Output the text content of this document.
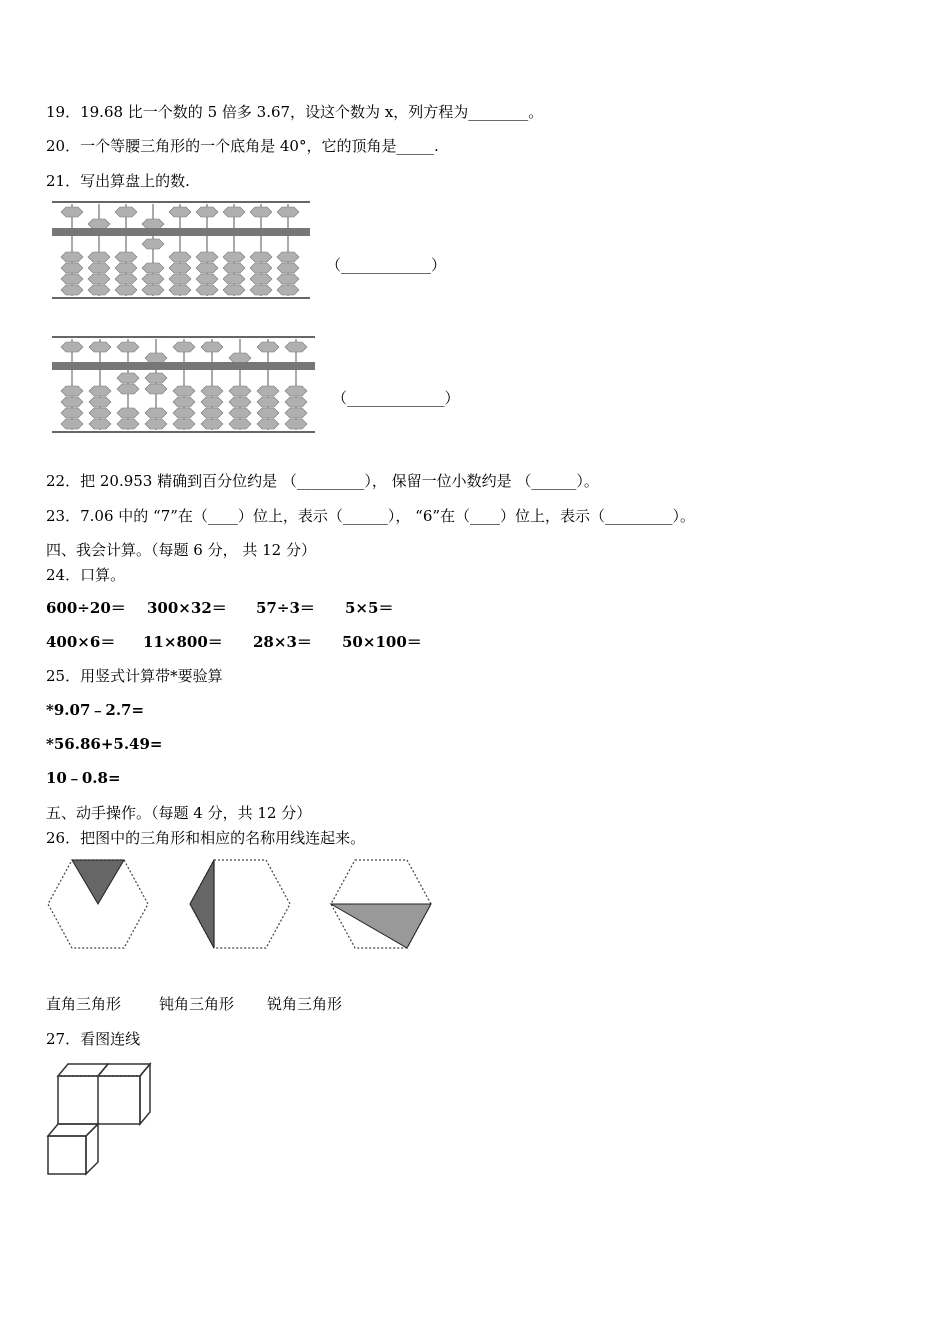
19．19.68 比一个数的 5 倍多 3.67，设这个数为 x，列方程为________。
20．一个等腰三角形的一个底角是 40°，它的顶角是_____.
21．写出算盘上的数.
（____________）
（_____________）
22．把 20.953 精确到百分位约是 （_________）， 保留一位小数约是 （______）。
23．7.06 中的 “7”在（____）位上，表示（______）， “6”在（____）位上，表示（_________）。
四、我会计算。（每题 6 分， 共 12 分）
24．口算。
600÷20＝ 300×32＝ 57÷3＝ 5×5＝
400×6＝ 11×800＝ 28×3＝ 50×100＝
25．用竖式计算带*要验算
*9.07﹣2.7=
*56.86+5.49=
10﹣0.8=
五、动手操作。（每题 4 分，共 12 分）
26．把图中的三角形和相应的名称用线连起来。
直角三角形	钝角三角形 锐角三角形
27．看图连线
